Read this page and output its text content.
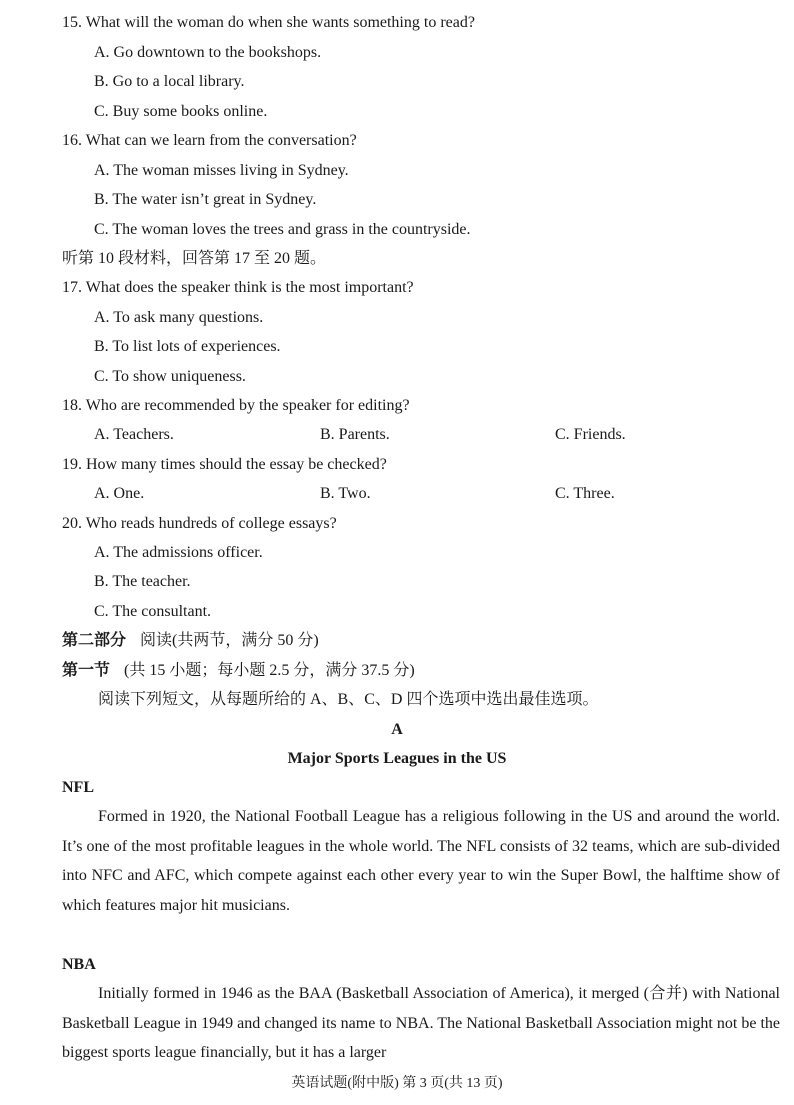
15. What will the woman do when she wants something to read?
A. Go downtown to the bookshops.
B. Go to a local library.
C. Buy some books online.
16. What can we learn from the conversation?
A. The woman misses living in Sydney.
B. The water isn’t great in Sydney.
C. The woman loves the trees and grass in the countryside.
听第 10 段材料，回答第 17 至 20 题。
17. What does the speaker think is the most important?
A. To ask many questions.
B. To list lots of experiences.
C. To show uniqueness.
18. Who are recommended by the speaker for editing?
A. Teachers.	B. Parents.	C. Friends.
19. How many times should the essay be checked?
A. One.	B. Two.	C. Three.
20. Who reads hundreds of college essays?
A. The admissions officer.
B. The teacher.
C. The consultant.
第二部分 阅读(共两节，满分 50 分)
第一节 (共 15 小题；每小题 2.5 分，满分 37.5 分)
阅读下列短文，从每题所给的 A、B、C、D 四个选项中选出最佳选项。
A
Major Sports Leagues in the US
NFL
Formed in 1920, the National Football League has a religious following in the US and around the world. It’s one of the most profitable leagues in the whole world. The NFL consists of 32 teams, which are sub-divided into NFC and AFC, which compete against each other every year to win the Super Bowl, the halftime show of which features major hit musicians.
NBA
Initially formed in 1946 as the BAA (Basketball Association of America), it merged (合并) with National Basketball League in 1949 and changed its name to NBA. The National Basketball Association might not be the biggest sports league financially, but it has a larger
英语试题(附中版) 第 3 页(共 13 页)
